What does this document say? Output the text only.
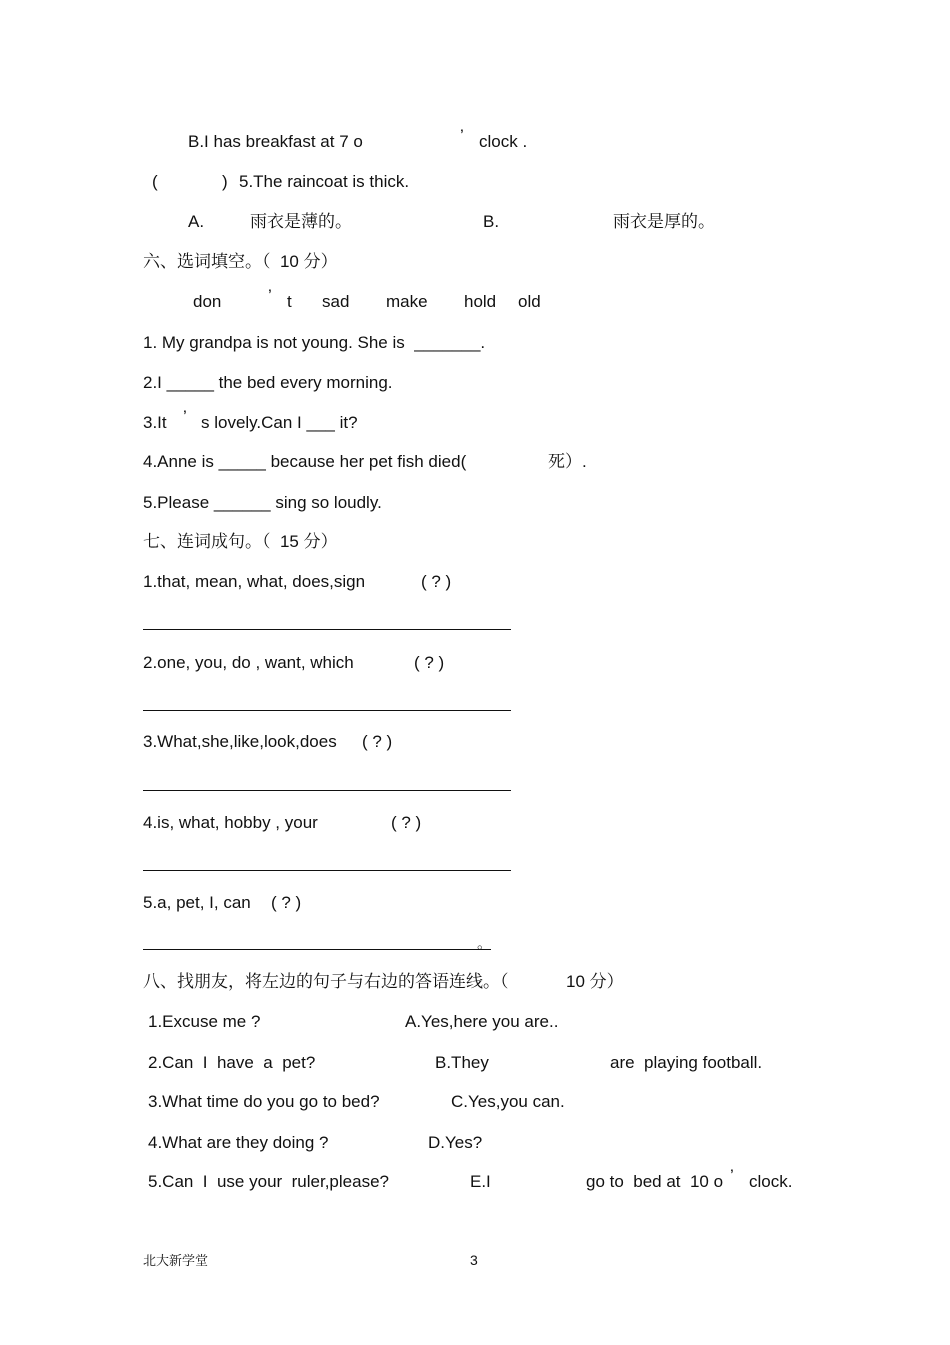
B.I has breakfast at 7 o	’ clock .
(	) 5.The raincoat is thick.
A.	雨衣是薄的。	B.	雨衣是厚的。
六、选词填空。（  10 分）
don	’ t sad make hold old
1. My grandpa is not young. She is  _______.
2.I _____ the bed every morning.
3.It ’ s lovely.Can I ___ it?
4.Anne is _____ because her pet fish died(	死）.
5.Please ______ sing so loudly.
七、连词成句。（  15 分）
1.that, mean, what, does,sign	( ? )
2.one, you, do , want, which	( ? )
3.What,she,like,look,does ( ? )
4.is, what, hobby , your	( ? )
5.a, pet, I, can ( ? )
。
八、找朋友，将左边的句子与右边的答语连线。（	10 分）
1.Excuse me ?	A.Yes,here you are..
2.Can  I  have  a  pet?	B.They	are  playing football.
3.What time do you go to bed?	C.Yes,you can.
4.What are they doing ?	D.Yes?
5.Can  I  use your  ruler,please?	E.I	go to  bed at  10 o ’ clock.
北大新学堂	3
